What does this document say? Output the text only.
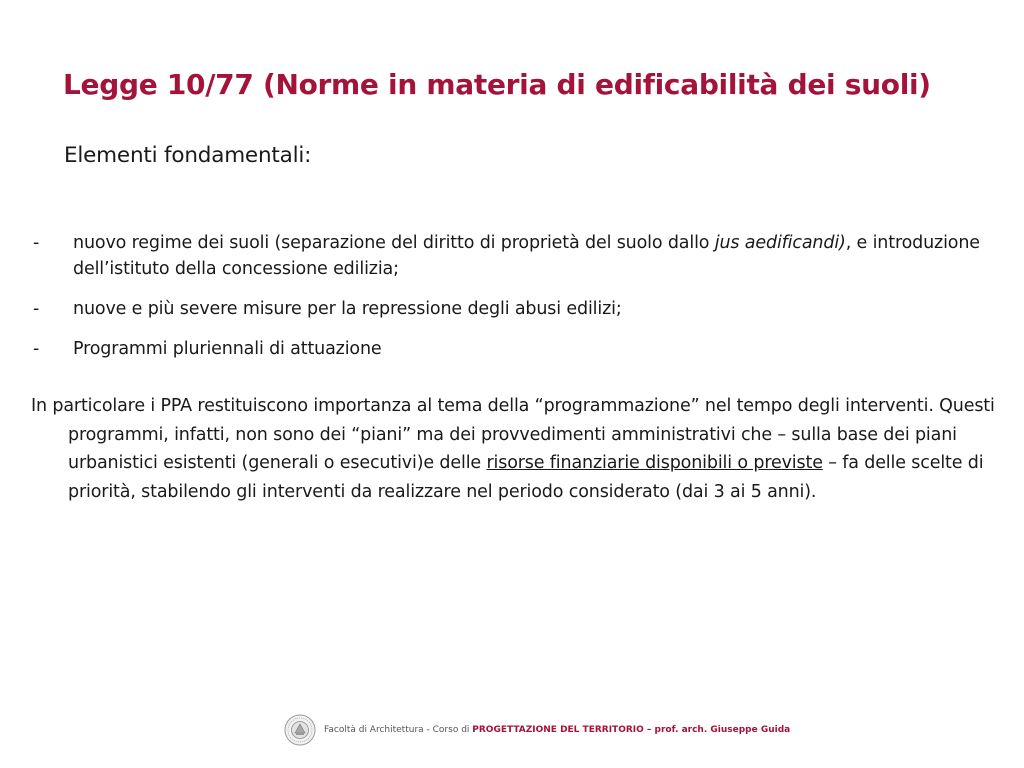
Legge 10/77 (Norme in materia di edificabilità dei suoli)
Elementi fondamentali:
- nuovo regime dei suoli (separazione del diritto di proprietà del suolo dallo jus aedificandi), e introduzione dell’istituto della concessione edilizia;
- nuove e più severe misure per la repressione degli abusi edilizi;
- Programmi pluriennali di attuazione
In particolare i PPA restituiscono importanza al tema della “programmazione” nel tempo degli interventi. Questi programmi, infatti, non sono dei “piani” ma dei provvedimenti amministrativi che – sulla base dei piani urbanistici esistenti (generali o esecutivi)e delle risorse finanziarie disponibili o previste – fa delle scelte di priorità, stabilendo gli interventi da realizzare nel periodo considerato (dai 3 ai 5 anni).
Facoltà di Architettura - Corso di PROGETTAZIONE DEL TERRITORIO – prof. arch. Giuseppe Guida
